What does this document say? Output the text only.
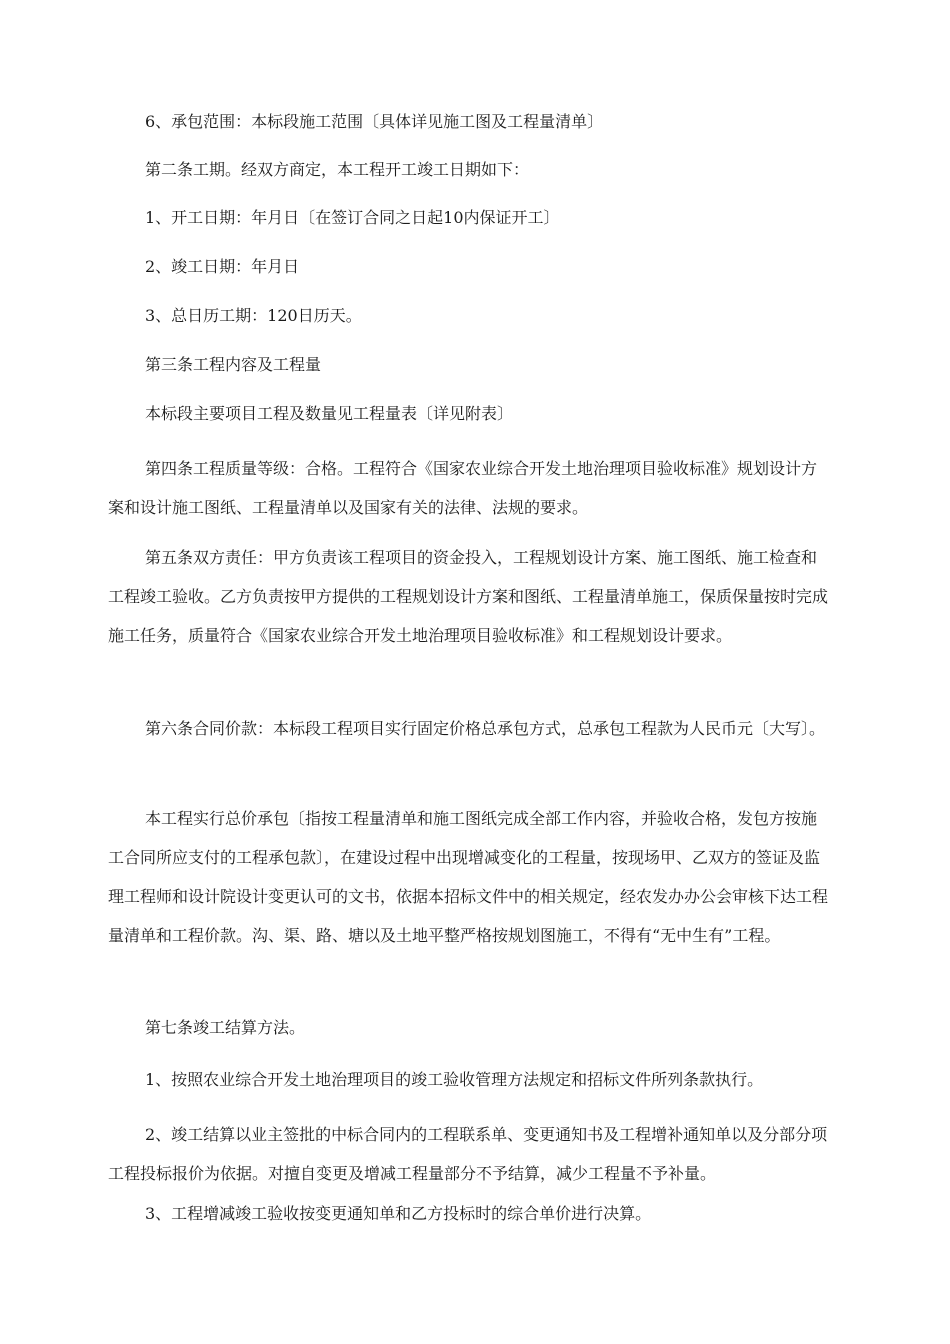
6、承包范围：本标段施工范围〔具体详见施工图及工程量清单〕

第二条工期。经双方商定，本工程开工竣工日期如下：

1、开工日期：年月日〔在签订合同之日起10内保证开工〕

2、竣工日期：年月日

3、总日历工期：120日历天。

第三条工程内容及工程量

本标段主要项目工程及数量见工程量表〔详见附表〕

第四条工程质量等级：合格。工程符合《国家农业综合开发土地治理项目验收标准》规划设计方案和设计施工图纸、工程量清单以及国家有关的法律、法规的要求。

第五条双方责任：甲方负责该工程项目的资金投入，工程规划设计方案、施工图纸、施工检查和工程竣工验收。乙方负责按甲方提供的工程规划设计方案和图纸、工程量清单施工，保质保量按时完成施工任务，质量符合《国家农业综合开发土地治理项目验收标准》和工程规划设计要求。

第六条合同价款：本标段工程项目实行固定价格总承包方式，总承包工程款为人民币元〔大写〕。

本工程实行总价承包〔指按工程量清单和施工图纸完成全部工作内容，并验收合格，发包方按施工合同所应支付的工程承包款〕，在建设过程中出现增减变化的工程量，按现场甲、乙双方的签证及监理工程师和设计院设计变更认可的文书，依据本招标文件中的相关规定，经农发办办公会审核下达工程量清单和工程价款。沟、渠、路、塘以及土地平整严格按规划图施工，不得有“无中生有”工程。

第七条竣工结算方法。

1、按照农业综合开发土地治理项目的竣工验收管理方法规定和招标文件所列条款执行。

2、竣工结算以业主签批的中标合同内的工程联系单、变更通知书及工程增补通知单以及分部分项工程投标报价为依据。对擅自变更及增减工程量部分不予结算，减少工程量不予补量。

3、工程增减竣工验收按变更通知单和乙方投标时的综合单价进行决算。
